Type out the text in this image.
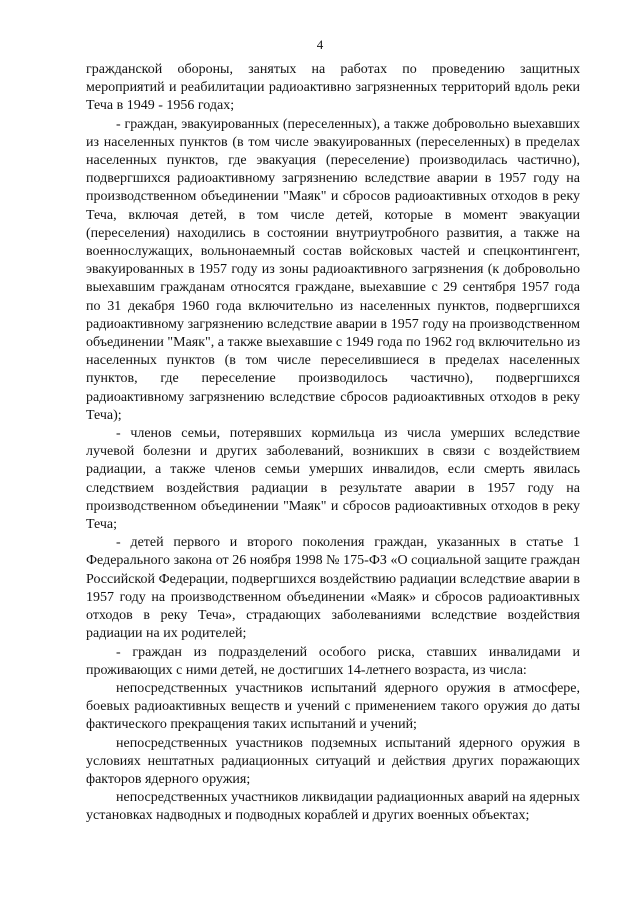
4

гражданской обороны, занятых на работах по проведению защитных мероприятий и реабилитации радиоактивно загрязненных территорий вдоль реки Теча в 1949 - 1956 годах;

- граждан, эвакуированных (переселенных), а также добровольно выехавших из населенных пунктов (в том числе эвакуированных (переселенных) в пределах населенных пунктов, где эвакуация (переселение) производилась частично), подвергшихся радиоактивному загрязнению вследствие аварии в 1957 году на производственном объединении "Маяк" и сбросов радиоактивных отходов в реку Теча, включая детей, в том числе детей, которые в момент эвакуации (переселения) находились в состоянии внутриутробного развития, а также на военнослужащих, вольнонаемный состав войсковых частей и спецконтингент, эвакуированных в 1957 году из зоны радиоактивного загрязнения (к добровольно выехавшим гражданам относятся граждане, выехавшие с 29 сентября 1957 года по 31 декабря 1960 года включительно из населенных пунктов, подвергшихся радиоактивному загрязнению вследствие аварии в 1957 году на производственном объединении "Маяк", а также выехавшие с 1949 года по 1962 год включительно из населенных пунктов (в том числе переселившиеся в пределах населенных пунктов, где переселение производилось частично), подвергшихся радиоактивному загрязнению вследствие сбросов радиоактивных отходов в реку Теча);

- членов семьи, потерявших кормильца из числа умерших вследствие лучевой болезни и других заболеваний, возникших в связи с воздействием радиации, а также членов семьи умерших инвалидов, если смерть явилась следствием воздействия радиации в результате аварии в 1957 году на производственном объединении "Маяк" и сбросов радиоактивных отходов в реку Теча;

- детей первого и второго поколения граждан, указанных в статье 1 Федерального закона от 26 ноября 1998 № 175-ФЗ «О социальной защите граждан Российской Федерации, подвергшихся воздействию радиации вследствие аварии в 1957 году на производственном объединении «Маяк» и сбросов радиоактивных отходов в реку Теча», страдающих заболеваниями вследствие воздействия радиации на их родителей;

- граждан из подразделений особого риска, ставших инвалидами и проживающих с ними детей, не достигших 14-летнего возраста, из числа:

непосредственных участников испытаний ядерного оружия в атмосфере, боевых радиоактивных веществ и учений с применением такого оружия до даты фактического прекращения таких испытаний и учений;

непосредственных участников подземных испытаний ядерного оружия в условиях нештатных радиационных ситуаций и действия других поражающих факторов ядерного оружия;

непосредственных участников ликвидации радиационных аварий на ядерных установках надводных и подводных кораблей и других военных объектах;
